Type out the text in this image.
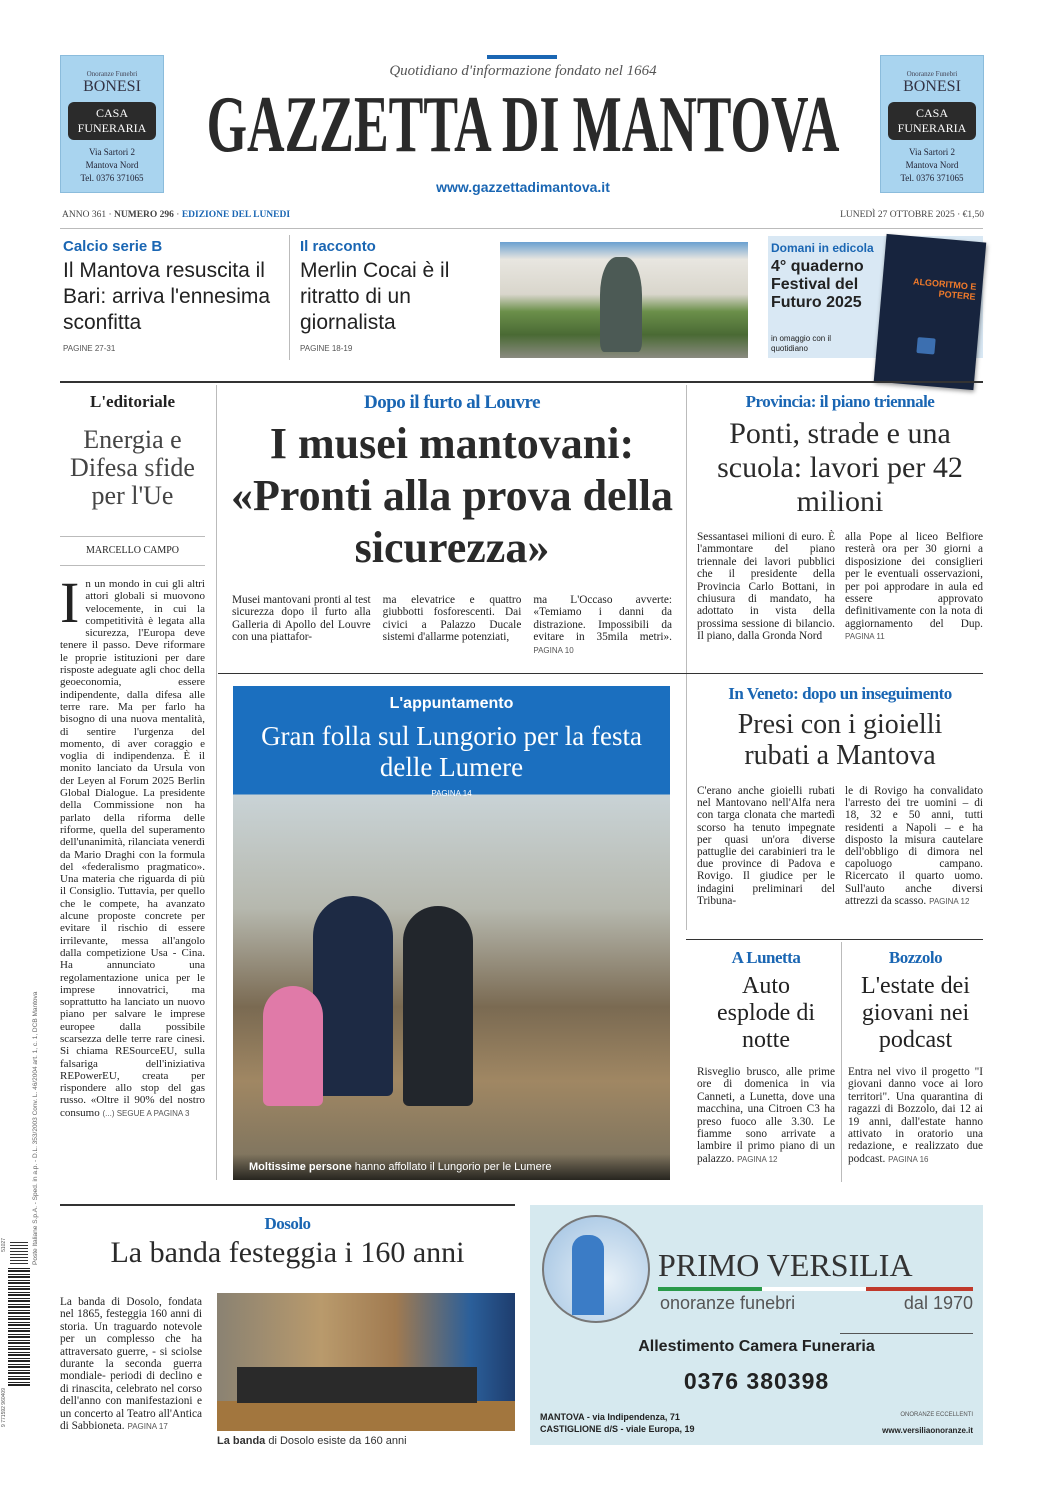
Onoranze Funebri
BONESI
CASA
FUNERARIA
Via Sartori 2
Mantova Nord
Tel. 0376 371065
Onoranze Funebri
BONESI
CASA
FUNERARIA
Via Sartori 2
Mantova Nord
Tel. 0376 371065
Quotidiano d'informazione fondato nel 1664
GAZZETTA DI MANTOVA
www.gazzettadimantova.it
ANNO 361 · NUMERO 296 · EDIZIONE DEL LUNEDI	LUNEDÌ 27 OTTOBRE 2025 · €1,50
Calcio serie B
Il Mantova resuscita il Bari: arriva l'ennesima sconfitta
PAGINE 27-31
Il racconto
Merlin Cocai è il ritratto di un giornalista
PAGINE 18-19
Domani in edicola
4° quaderno Festival del Futuro 2025
in omaggio con il quotidiano
ALGORITMO E POTERE
L'editoriale
Energia e Difesa sfide per l'Ue
MARCELLO CAMPO
In un mondo in cui gli altri attori globali si muovono velocemente, in cui la competitività è legata alla sicurezza, l'Europa deve tenere il passo. Deve riformare le proprie istituzioni per dare risposte adeguate agli choc della geoeconomia, essere indipendente, dalla difesa alle terre rare. Ma per farlo ha bisogno di una nuova mentalità, di sentire l'urgenza del momento, di aver coraggio e voglia di indipendenza. È il monito lanciato da Ursula von der Leyen al Forum 2025 Berlin Global Dialogue. La presidente della Commissione non ha parlato della riforma delle riforme, quella del superamento dell'unanimità, rilanciata venerdì da Mario Draghi con la formula del «federalismo pragmatico». Una materia che riguarda di più il Consiglio. Tuttavia, per quello che le compete, ha avanzato alcune proposte concrete per evitare il rischio di essere irrilevante, messa all'angolo dalla competizione Usa - Cina. Ha annunciato una regolamentazione unica per le imprese innovatrici, ma soprattutto ha lanciato un nuovo piano per salvare le imprese europee dalla possibile scarsezza delle terre rare cinesi. Si chiama RESourceEU, sulla falsariga dell'iniziativa REPowerEU, creata per rispondere allo stop del gas russo. «Oltre il 90% del nostro consumo (...) SEGUE A PAGINA 3
Dopo il furto al Louvre
I musei mantovani: «Pronti alla prova della sicurezza»
Musei mantovani pronti al test sicurezza dopo il furto alla Galleria di Apollo del Louvre con una piattafor-
ma elevatrice e quattro giubbotti fosforescenti. Dai civici a Palazzo Ducale sistemi d'allarme potenziati,
ma L'Occaso avverte: «Temiamo i danni da distrazione. Impossibili da evitare in 35mila metri». PAGINA 10
Provincia: il piano triennale
Ponti, strade e una scuola: lavori per 42 milioni
Sessantasei milioni di euro. È l'ammontare del piano triennale dei lavori pubblici che il presidente della Provincia Carlo Bottani, in chiusura di mandato, ha adottato in vista della prossima sessione di bilancio. Il piano, dalla Gronda Nord
alla Pope al liceo Belfiore resterà ora per 30 giorni a disposizione dei consiglieri per le eventuali osservazioni, per poi approdare in aula ed essere approvato definitivamente con la nota di aggiornamento del Dup. PAGINA 11
L'appuntamento
Gran folla sul Lungorio per la festa delle Lumere
PAGINA 14
Moltissime persone hanno affollato il Lungorio per le Lumere
In Veneto: dopo un inseguimento
Presi con i gioielli rubati a Mantova
C'erano anche gioielli rubati nel Mantovano nell'Alfa nera con targa clonata che martedì scorso ha tenuto impegnate per quasi un'ora diverse pattuglie dei carabinieri tra le due province di Padova e Rovigo. Il giudice per le indagini preliminari del Tribuna-
le di Rovigo ha convalidato l'arresto dei tre uomini – di 18, 32 e 50 anni, tutti residenti a Napoli – e ha disposto la misura cautelare dell'obbligo di dimora nel capoluogo campano. Ricercato il quarto uomo. Sull'auto anche diversi attrezzi da scasso. PAGINA 12
A Lunetta
Auto esplode di notte
Risveglio brusco, alle prime ore di domenica in via Canneti, a Lunetta, dove una macchina, una Citroen C3 ha preso fuoco alle 3.30. Le fiamme sono arrivate a lambire il primo piano di un palazzo. PAGINA 12
Bozzolo
L'estate dei giovani nei podcast
Entra nel vivo il progetto "I giovani danno voce ai loro territori". Una quarantina di ragazzi di Bozzolo, dai 12 ai 19 anni, dall'estate hanno attivato in oratorio una redazione, e realizzato due podcast. PAGINA 16
Dosolo
La banda festeggia i 160 anni
La banda di Dosolo, fondata nel 1865, festeggia 160 anni di storia. Un traguardo notevole per un complesso che ha attraversato guerre, - si sciolse durante la seconda guerra mondiale- periodi di declino e di rinascita, celebrato nel corso dell'anno con manifestazioni e un concerto al Teatro all'Antica di Sabbioneta. PAGINA 17
La banda di Dosolo esiste da 160 anni
PRIMO VERSILIA
onoranze funebri	dal 1970
Allestimento Camera Funeraria
0376 380398
MANTOVA - via Indipendenza, 71
CASTIGLIONE d/S - viale Europa, 19
ONORANZE ECCELLENTI
www.versiliaonoranze.it
Poste Italiane S.p.A. - Sped. in a.p. - D.L. 353/2003 Conv. L. 46/2004 art. 1, c. 1, DCB Mantova
9 771592 960409
51027
